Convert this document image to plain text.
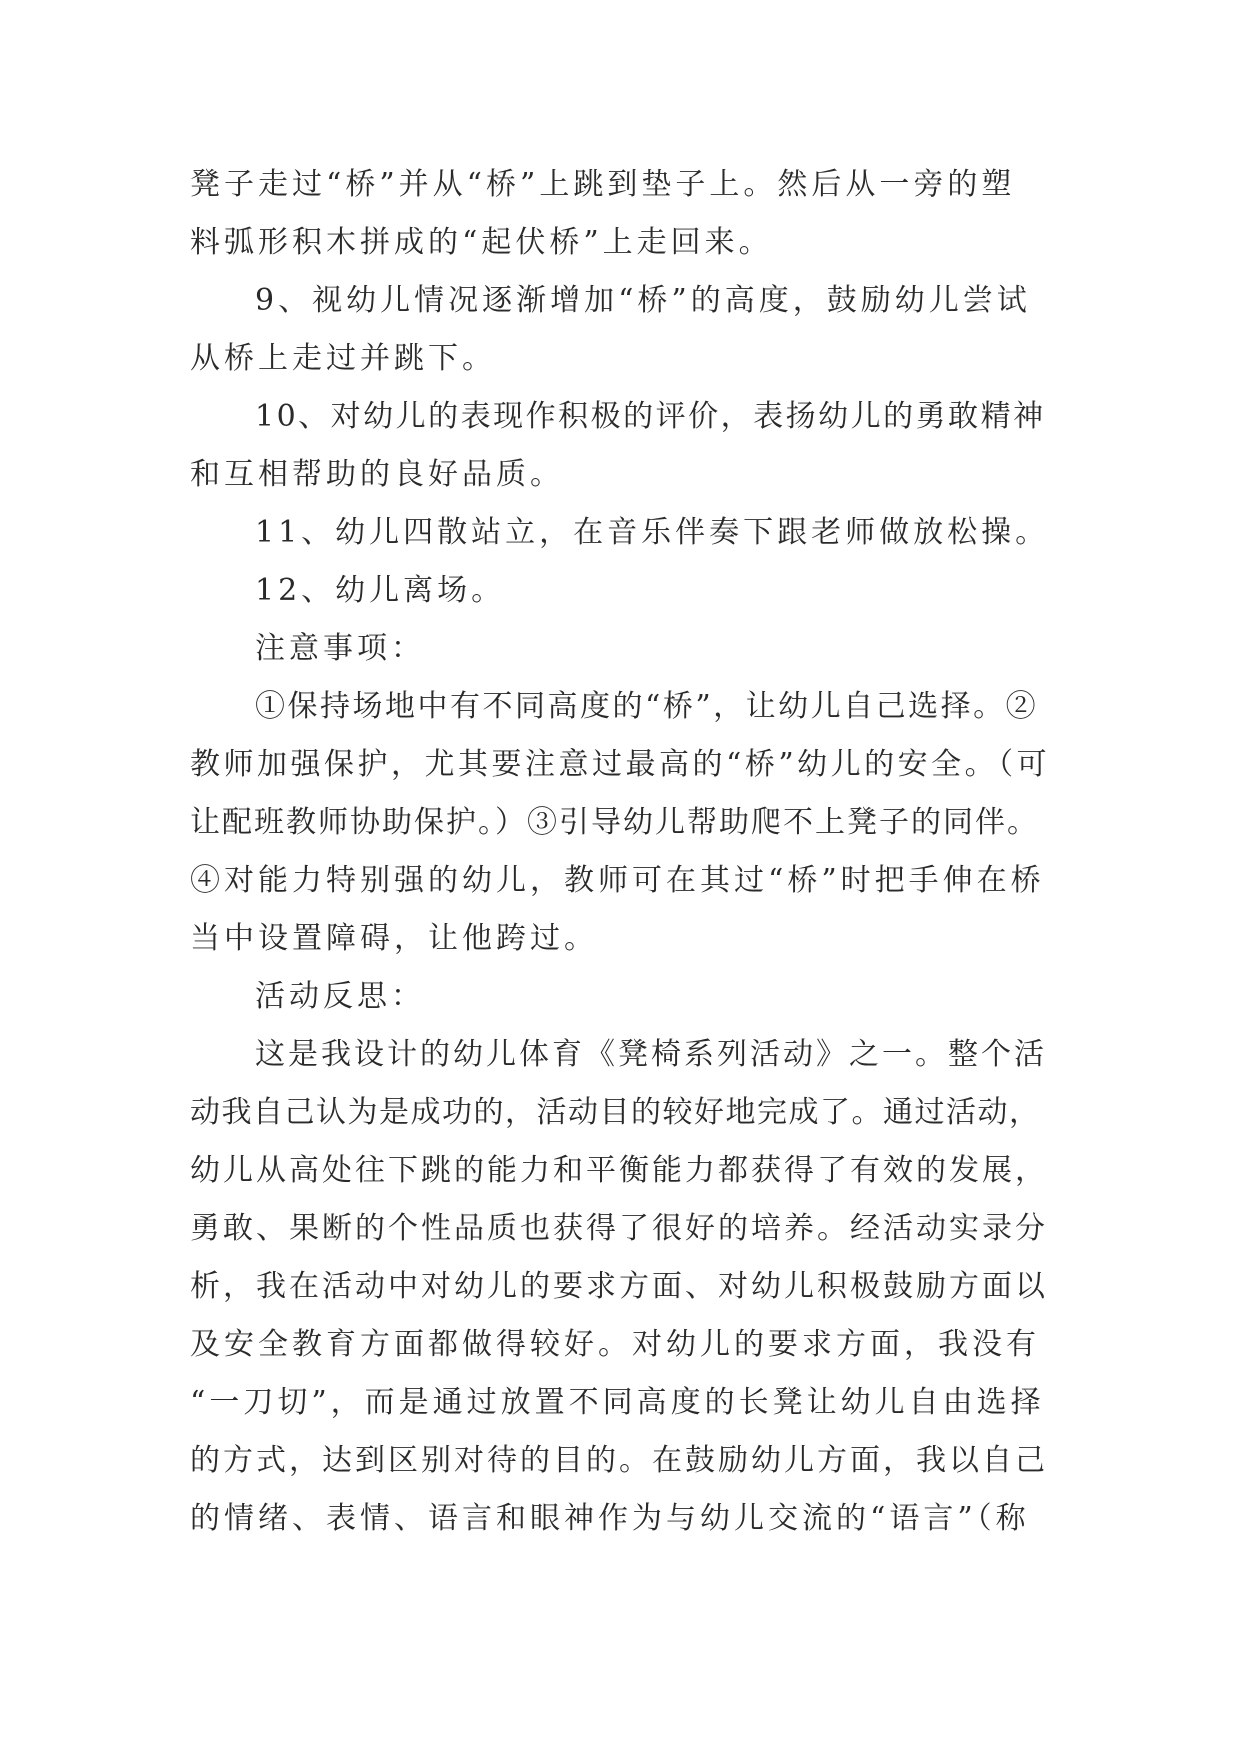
凳子走过“桥”并从“桥”上跳到垫子上。然后从一旁的塑
料弧形积木拼成的“起伏桥”上走回来。
9、视幼儿情况逐渐增加“桥”的高度，鼓励幼儿尝试
从桥上走过并跳下。
10、对幼儿的表现作积极的评价，表扬幼儿的勇敢精神
和互相帮助的良好品质。
11、幼儿四散站立，在音乐伴奏下跟老师做放松操。
12、幼儿离场。
注意事项：
①保持场地中有不同高度的“桥”，让幼儿自己选择。②
教师加强保护，尤其要注意过最高的“桥”幼儿的安全。（可
让配班教师协助保护。）③引导幼儿帮助爬不上凳子的同伴。
④对能力特别强的幼儿，教师可在其过“桥”时把手伸在桥
当中设置障碍，让他跨过。
活动反思：
这是我设计的幼儿体育《凳椅系列活动》之一。整个活
动我自己认为是成功的，活动目的较好地完成了。通过活动，
幼儿从高处往下跳的能力和平衡能力都获得了有效的发展，
勇敢、果断的个性品质也获得了很好的培养。经活动实录分
析，我在活动中对幼儿的要求方面、对幼儿积极鼓励方面以
及安全教育方面都做得较好。对幼儿的要求方面，我没有
“一刀切”，而是通过放置不同高度的长凳让幼儿自由选择
的方式，达到区别对待的目的。在鼓励幼儿方面，我以自己
的情绪、表情、语言和眼神作为与幼儿交流的“语言”（称
